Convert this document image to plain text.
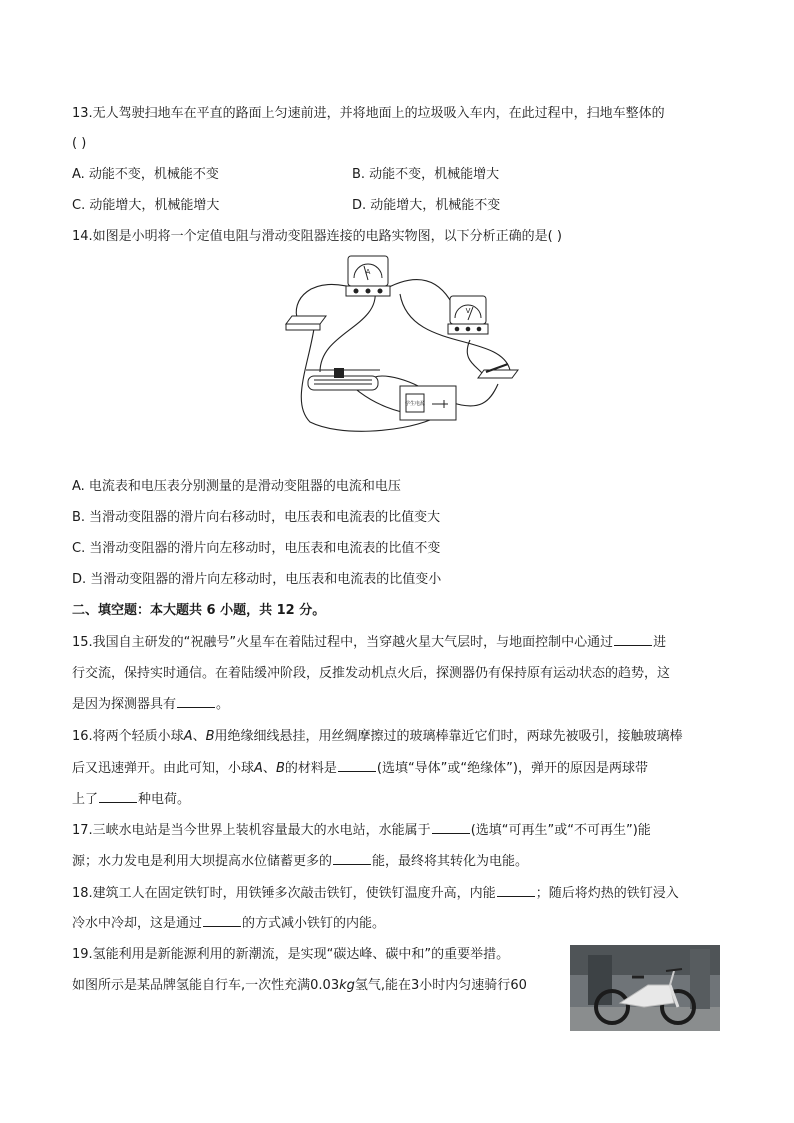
13.无人驾驶扫地车在平直的路面上匀速前进，并将地面上的垃圾吸入车内，在此过程中，扫地车整体的
( )
A. 动能不变，机械能不变	B. 动能不变，机械能增大
C. 动能增大，机械能增大	D. 动能增大，机械能不变
14.如图是小明将一个定值电阻与滑动变阻器连接的电路实物图，以下分析正确的是( )
A
V
学生电源
A. 电流表和电压表分别测量的是滑动变阻器的电流和电压
B. 当滑动变阻器的滑片向右移动时，电压表和电流表的比值变大
C. 当滑动变阻器的滑片向左移动时，电压表和电流表的比值不变
D. 当滑动变阻器的滑片向左移动时，电压表和电流表的比值变小
二、填空题：本大题共 6 小题，共 12 分。
15.我国自主研发的“祝融号”火星车在着陆过程中，当穿越火星大气层时，与地面控制中心通过	进
行交流，保持实时通信。在着陆缓冲阶段，反推发动机点火后，探测器仍有保持原有运动状态的趋势，这
是因为探测器具有	。
16.将两个轻质小球A、B用绝缘细线悬挂，用丝绸摩擦过的玻璃棒靠近它们时，两球先被吸引，接触玻璃棒
后又迅速弹开。由此可知，小球A、B的材料是	(选填“导体”或“绝缘体”)，弹开的原因是两球带
上了	种电荷。
17.三峡水电站是当今世界上装机容量最大的水电站，水能属于	(选填“可再生”或“不可再生”)能
源；水力发电是利用大坝提高水位储蓄更多的	能，最终将其转化为电能。
18.建筑工人在固定铁钉时，用铁锤多次敲击铁钉，使铁钉温度升高，内能	；随后将灼热的铁钉浸入
冷水中冷却，这是通过	的方式减小铁钉的内能。
19.氢能利用是新能源利用的新潮流，是实现“碳达峰、碳中和”的重要举措。
如图所示是某品牌氢能自行车,一次性充满0.03kg氢气,能在3小时内匀速骑行60
